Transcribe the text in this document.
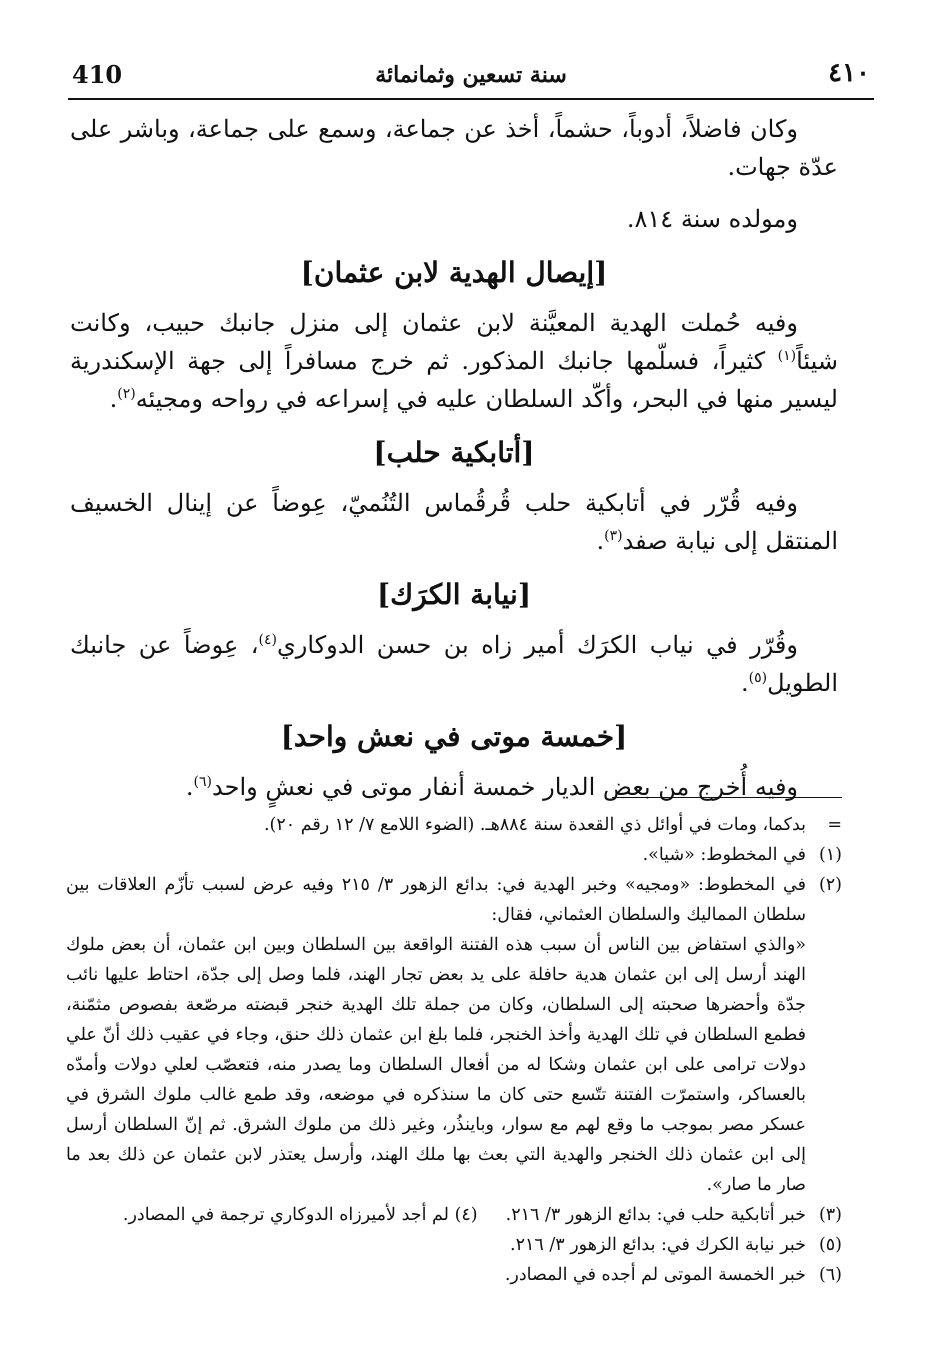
410	سنة تسعين وثمانمائة	٤١٠

وكان فاضلاً، أدوباً، حشماً، أخذ عن جماعة، وسمع على جماعة، وباشر على عدّة جهات.

ومولده سنة ٨١٤.

[إيصال الهدية لابن عثمان]

وفيه حُملت الهدية المعيَّنة لابن عثمان إلى منزل جانبك حبيب، وكانت شيئاً$^{(١)}$ كثيراً، فسلّمها جانبك المذكور. ثم خرج مسافراً إلى جهة الإسكندرية ليسير منها في البحر، وأكّد السلطان عليه في إسراعه في رواحه ومجيئه$^{(٢)}$.

[أتابكية حلب]

وفيه قُرّر في أتابكية حلب قُرقُماس التُنُميّ، عِوضاً عن إينال الخسيف المنتقل إلى نيابة صفد$^{(٣)}$.

[نيابة الكرَك]

وقُرّر في نياب الكرَك أمير زاه بن حسن الدوكاري$^{(٤)}$، عِوضاً عن جانبك الطويل$^{(٥)}$.

[خمسة موتى في نعش واحد]

وفيه أُخرج من بعض الديار خمسة أنفار موتى في نعشٍ واحد$^{(٦)}$.

=
بدكما، ومات في أوائل ذي القعدة سنة ٨٨٤هـ. (الضوء اللامع ٧/ ١٢ رقم ٢٠).
(١)
في المخطوط: «شيا».
(٢)
في المخطوط: «ومجيه» وخبر الهدية في: بدائع الزهور ٣/ ٢١٥ وفيه عرض لسبب تأزّم العلاقات بين سلطان المماليك والسلطان العثماني، فقال:
«والذي استفاض بين الناس أن سبب هذه الفتنة الواقعة بين السلطان وبين ابن عثمان، أن بعض ملوك الهند أرسل إلى ابن عثمان هدية حافلة على يد بعض تجار الهند، فلما وصل إلى جدّة، احتاط عليها نائب جدّة وأحضرها صحبته إلى السلطان، وكان من جملة تلك الهدية خنجر قبضته مرصّعة بفصوص مثمّنة، فطمع السلطان في تلك الهدية وأخذ الخنجر، فلما بلغ ابن عثمان ذلك حنق، وجاء في عقيب ذلك أنّ علي دولات ترامى على ابن عثمان وشكا له من أفعال السلطان وما يصدر منه، فتعصّب لعلي دولات وأمدّه بالعساكر، واستمرّت الفتنة تتّسع حتى كان ما سنذكره في موضعه، وقد طمع غالب ملوك الشرق في عسكر مصر بموجب ما وقع لهم مع سوار، وباينذُر، وغير ذلك من ملوك الشرق. ثم إنّ السلطان أرسل إلى ابن عثمان ذلك الخنجر والهدية التي بعث بها ملك الهند، وأرسل يعتذر لابن عثمان عن ذلك بعد ما صار ما صار».
(٣)
خبر أتابكية حلب في: بدائع الزهور ٣/ ٢١٦.(٤) لم أجد لأميرزاه الدوكاري ترجمة في المصادر.
(٥)
خبر نيابة الكرك في: بدائع الزهور ٣/ ٢١٦.
(٦)
خبر الخمسة الموتى لم أجده في المصادر.
